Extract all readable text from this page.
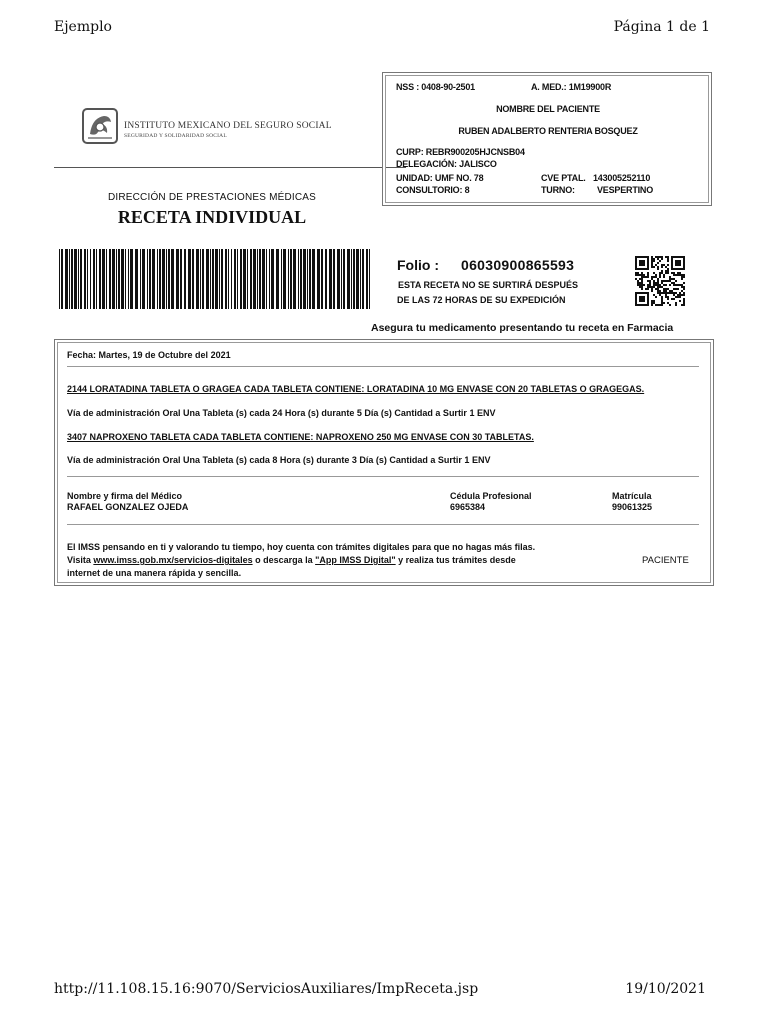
Ejemplo	Página 1 de 1
INSTITUTO MEXICANO DEL SEGURO SOCIAL
SEGURIDAD Y SOLIDARIDAD SOCIAL
DIRECCIÓN DE PRESTACIONES MÉDICAS
RECETA INDIVIDUAL
NSS : 0408-90-2501	A. MED.: 1M19900R
NOMBRE DEL PACIENTE
RUBEN ADALBERTO RENTERIA BOSQUEZ
CURP: REBR900205HJCNSB04
DELEGACIÓN: JALISCO
UNIDAD: UMF NO. 78	CVE PTAL. 143005252110
CONSULTORIO: 8	TURNO: VESPERTINO
Folio : 06030900865593
ESTA RECETA NO SE SURTIRÁ DESPUÉS
DE LAS 72 HORAS DE SU EXPEDICIÓN
Asegura tu medicamento presentando tu receta en Farmacia
Fecha: Martes, 19 de Octubre del 2021
2144 LORATADINA TABLETA O GRAGEA CADA TABLETA CONTIENE: LORATADINA 10 MG ENVASE CON 20 TABLETAS O GRAGEGAS.
Vía de administración Oral Una Tableta (s) cada 24 Hora (s) durante 5 Día (s) Cantidad a Surtir 1 ENV
3407 NAPROXENO TABLETA CADA TABLETA CONTIENE: NAPROXENO 250 MG ENVASE CON 30 TABLETAS.
Vía de administración Oral Una Tableta (s) cada 8 Hora (s) durante 3 Día (s) Cantidad a Surtir 1 ENV
Nombre y firma del Médico
RAFAEL GONZALEZ OJEDA
Cédula Profesional
6965384
Matrícula
99061325
El IMSS pensando en ti y valorando tu tiempo, hoy cuenta con trámites digitales para que no hagas más filas.
Visita www.imss.gob.mx/servicios-digitales o descarga la "App IMSS Digital" y realiza tus trámites desde
internet de una manera rápida y sencilla.
PACIENTE
http://11.108.15.16:9070/ServiciosAuxiliares/ImpReceta.jsp	19/10/2021
